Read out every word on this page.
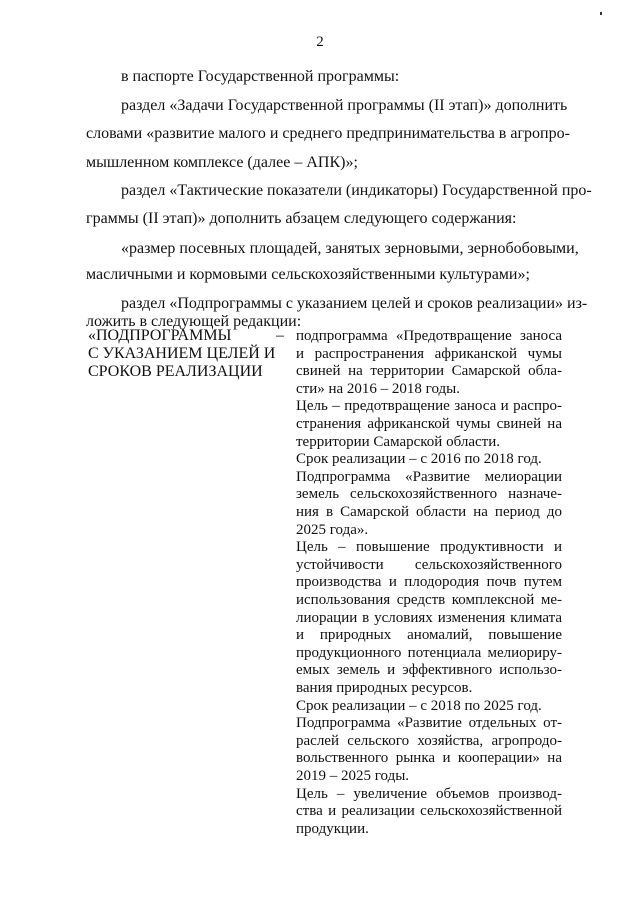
2
в паспорте Государственной программы:
раздел «Задачи Государственной программы (II этап)» дополнить
словами «развитие малого и среднего предпринимательства в агропро-
мышленном комплексе (далее – АПК)»;
раздел «Тактические показатели (индикаторы) Государственной про-
граммы (II этап)» дополнить абзацем следующего содержания:
«размер посевных площадей, занятых зерновыми, зернобобовыми,
масличными и кормовыми сельскохозяйственными культурами»;
раздел «Подпрограммы с указанием целей и сроков реализации» из-
ложить в следующей редакции:
«ПОДПРОГРАММЫ
С УКАЗАНИЕМ ЦЕЛЕЙ И
СРОКОВ РЕАЛИЗАЦИИ
– подпрограмма «Предотвращение заноса
и распространения африканской чумы
свиней на территории Самарской обла-
сти» на 2016 – 2018 годы.
Цель – предотвращение заноса и распро-
странения африканской чумы свиней на
территории Самарской области.
Срок реализации – с 2016 по 2018 год.
Подпрограмма «Развитие мелиорации
земель сельскохозяйственного назначе-
ния в Самарской области на период до
2025 года».
Цель – повышение продуктивности и
устойчивости сельскохозяйственного
производства и плодородия почв путем
использования средств комплексной ме-
лиорации в условиях изменения климата
и природных аномалий, повышение
продукционного потенциала мелиориру-
емых земель и эффективного использо-
вания природных ресурсов.
Срок реализации – с 2018 по 2025 год.
Подпрограмма «Развитие отдельных от-
раслей сельского хозяйства, агропродо-
вольственного рынка и кооперации» на
2019 – 2025 годы.
Цель – увеличение объемов производ-
ства и реализации сельскохозяйственной
продукции.
